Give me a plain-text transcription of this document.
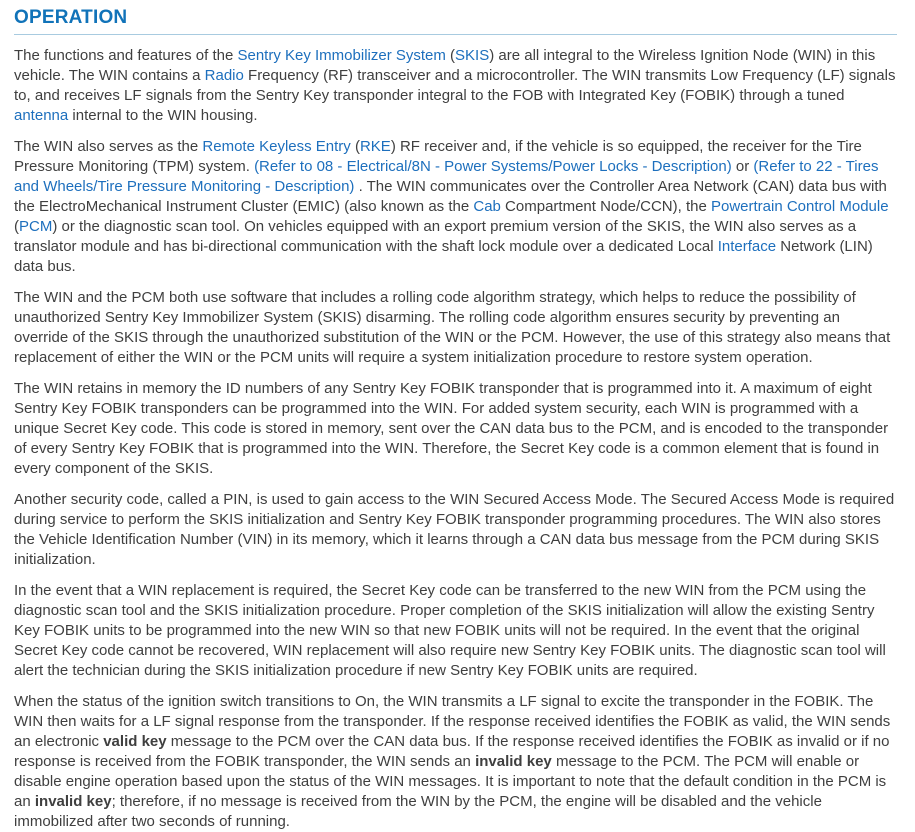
OPERATION

The functions and features of the Sentry Key Immobilizer System (SKIS) are all integral to the Wireless Ignition Node (WIN) in this vehicle. The WIN contains a Radio Frequency (RF) transceiver and a microcontroller. The WIN transmits Low Frequency (LF) signals to, and receives LF signals from the Sentry Key transponder integral to the FOB with Integrated Key (FOBIK) through a tuned antenna internal to the WIN housing.

The WIN also serves as the Remote Keyless Entry (RKE) RF receiver and, if the vehicle is so equipped, the receiver for the Tire Pressure Monitoring (TPM) system. (Refer to 08 - Electrical/8N - Power Systems/Power Locks - Description) or (Refer to 22 - Tires and Wheels/Tire Pressure Monitoring - Description) . The WIN communicates over the Controller Area Network (CAN) data bus with the ElectroMechanical Instrument Cluster (EMIC) (also known as the Cab Compartment Node/CCN), the Powertrain Control Module (PCM) or the diagnostic scan tool. On vehicles equipped with an export premium version of the SKIS, the WIN also serves as a translator module and has bi-directional communication with the shaft lock module over a dedicated Local Interface Network (LIN) data bus.

The WIN and the PCM both use software that includes a rolling code algorithm strategy, which helps to reduce the possibility of unauthorized Sentry Key Immobilizer System (SKIS) disarming. The rolling code algorithm ensures security by preventing an override of the SKIS through the unauthorized substitution of the WIN or the PCM. However, the use of this strategy also means that replacement of either the WIN or the PCM units will require a system initialization procedure to restore system operation.

The WIN retains in memory the ID numbers of any Sentry Key FOBIK transponder that is programmed into it. A maximum of eight Sentry Key FOBIK transponders can be programmed into the WIN. For added system security, each WIN is programmed with a unique Secret Key code. This code is stored in memory, sent over the CAN data bus to the PCM, and is encoded to the transponder of every Sentry Key FOBIK that is programmed into the WIN. Therefore, the Secret Key code is a common element that is found in every component of the SKIS.

Another security code, called a PIN, is used to gain access to the WIN Secured Access Mode. The Secured Access Mode is required during service to perform the SKIS initialization and Sentry Key FOBIK transponder programming procedures. The WIN also stores the Vehicle Identification Number (VIN) in its memory, which it learns through a CAN data bus message from the PCM during SKIS initialization.

In the event that a WIN replacement is required, the Secret Key code can be transferred to the new WIN from the PCM using the diagnostic scan tool and the SKIS initialization procedure. Proper completion of the SKIS initialization will allow the existing Sentry Key FOBIK units to be programmed into the new WIN so that new FOBIK units will not be required. In the event that the original Secret Key code cannot be recovered, WIN replacement will also require new Sentry Key FOBIK units. The diagnostic scan tool will alert the technician during the SKIS initialization procedure if new Sentry Key FOBIK units are required.

When the status of the ignition switch transitions to On, the WIN transmits a LF signal to excite the transponder in the FOBIK. The WIN then waits for a LF signal response from the transponder. If the response received identifies the FOBIK as valid, the WIN sends an electronic valid key message to the PCM over the CAN data bus. If the response received identifies the FOBIK as invalid or if no response is received from the FOBIK transponder, the WIN sends an invalid key message to the PCM. The PCM will enable or disable engine operation based upon the status of the WIN messages. It is important to note that the default condition in the PCM is an invalid key; therefore, if no message is received from the WIN by the PCM, the engine will be disabled and the vehicle immobilized after two seconds of running.
